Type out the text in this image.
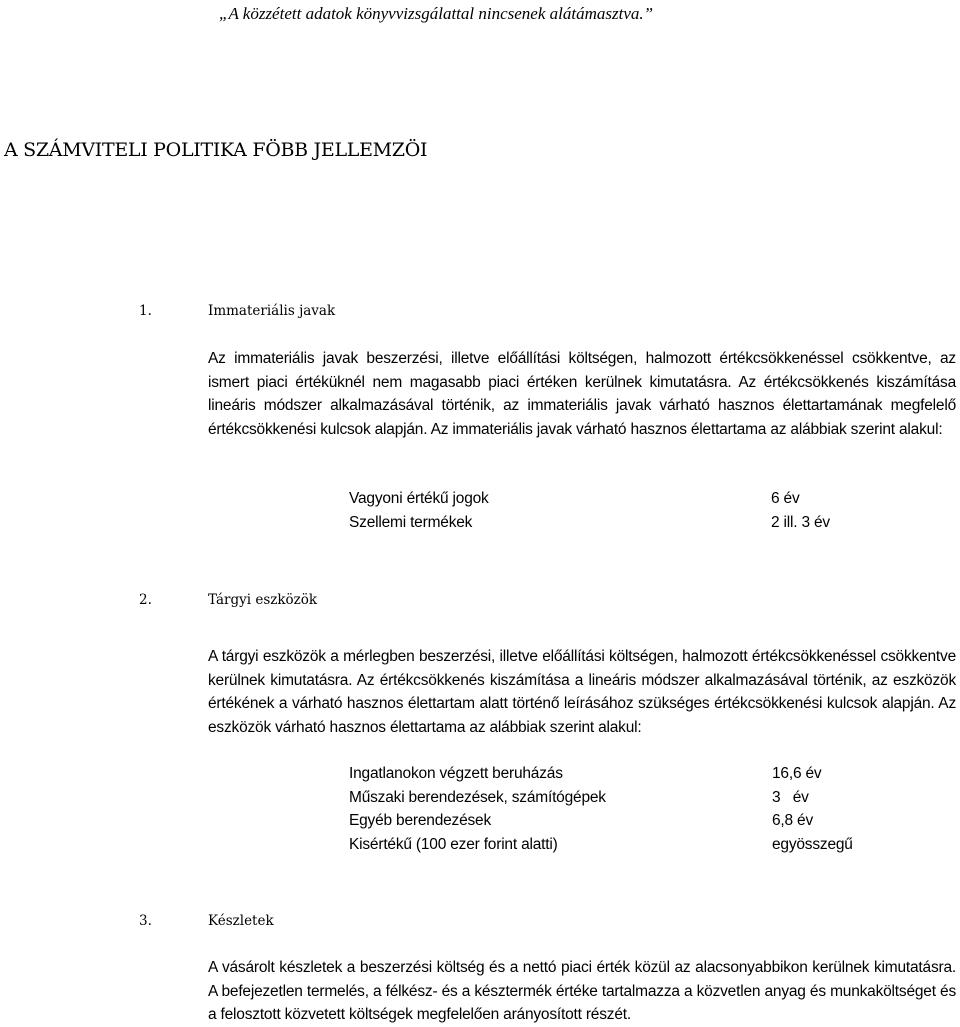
„A közzétett adatok könyvvizsgálattal nincsenek alátámasztva.”
A SZÁMVITELI POLITIKA FÖBB JELLEMZÖI
1.	Immateriális javak

Az immateriális javak beszerzési, illetve előállítási költségen, halmozott értékcsökkenéssel csökkentve, az ismert piaci értéküknél nem magasabb piaci értéken kerülnek kimutatásra. Az értékcsökkenés kiszámítása lineáris módszer alkalmazásával történik, az immateriális javak várható hasznos élettartamának megfelelő értékcsökkenési kulcsok alapján. Az immateriális javak várható hasznos élettartama az alábbiak szerint alakul:

Vagyoni értékű jogok	6 év
Szellemi termékek	2 ill. 3 év
2.	Tárgyi eszközök

A tárgyi eszközök a mérlegben beszerzési, illetve előállítási költségen, halmozott értékcsökkenéssel csökkentve kerülnek kimutatásra. Az értékcsökkenés kiszámítása a lineáris módszer alkalmazásával történik, az eszközök értékének a várható hasznos élettartam alatt történő leírásához szükséges értékcsökkenési kulcsok alapján. Az eszközök várható hasznos élettartama az alábbiak szerint alakul:

Ingatlanokon végzett beruházás	16,6 év
Műszaki berendezések, számítógépek	3   év
Egyéb berendezések	6,8 év
Kisértékű (100 ezer forint alatti)	egyösszegű
3.	Készletek

A vásárolt készletek a beszerzési költség és a nettó piaci érték közül az alacsonyabbikon kerülnek kimutatásra. A befejezetlen termelés, a félkész- és a késztermék értéke tartalmazza a közvetlen anyag és munkaköltséget és a felosztott közvetett költségek megfelelően arányosított részét.
